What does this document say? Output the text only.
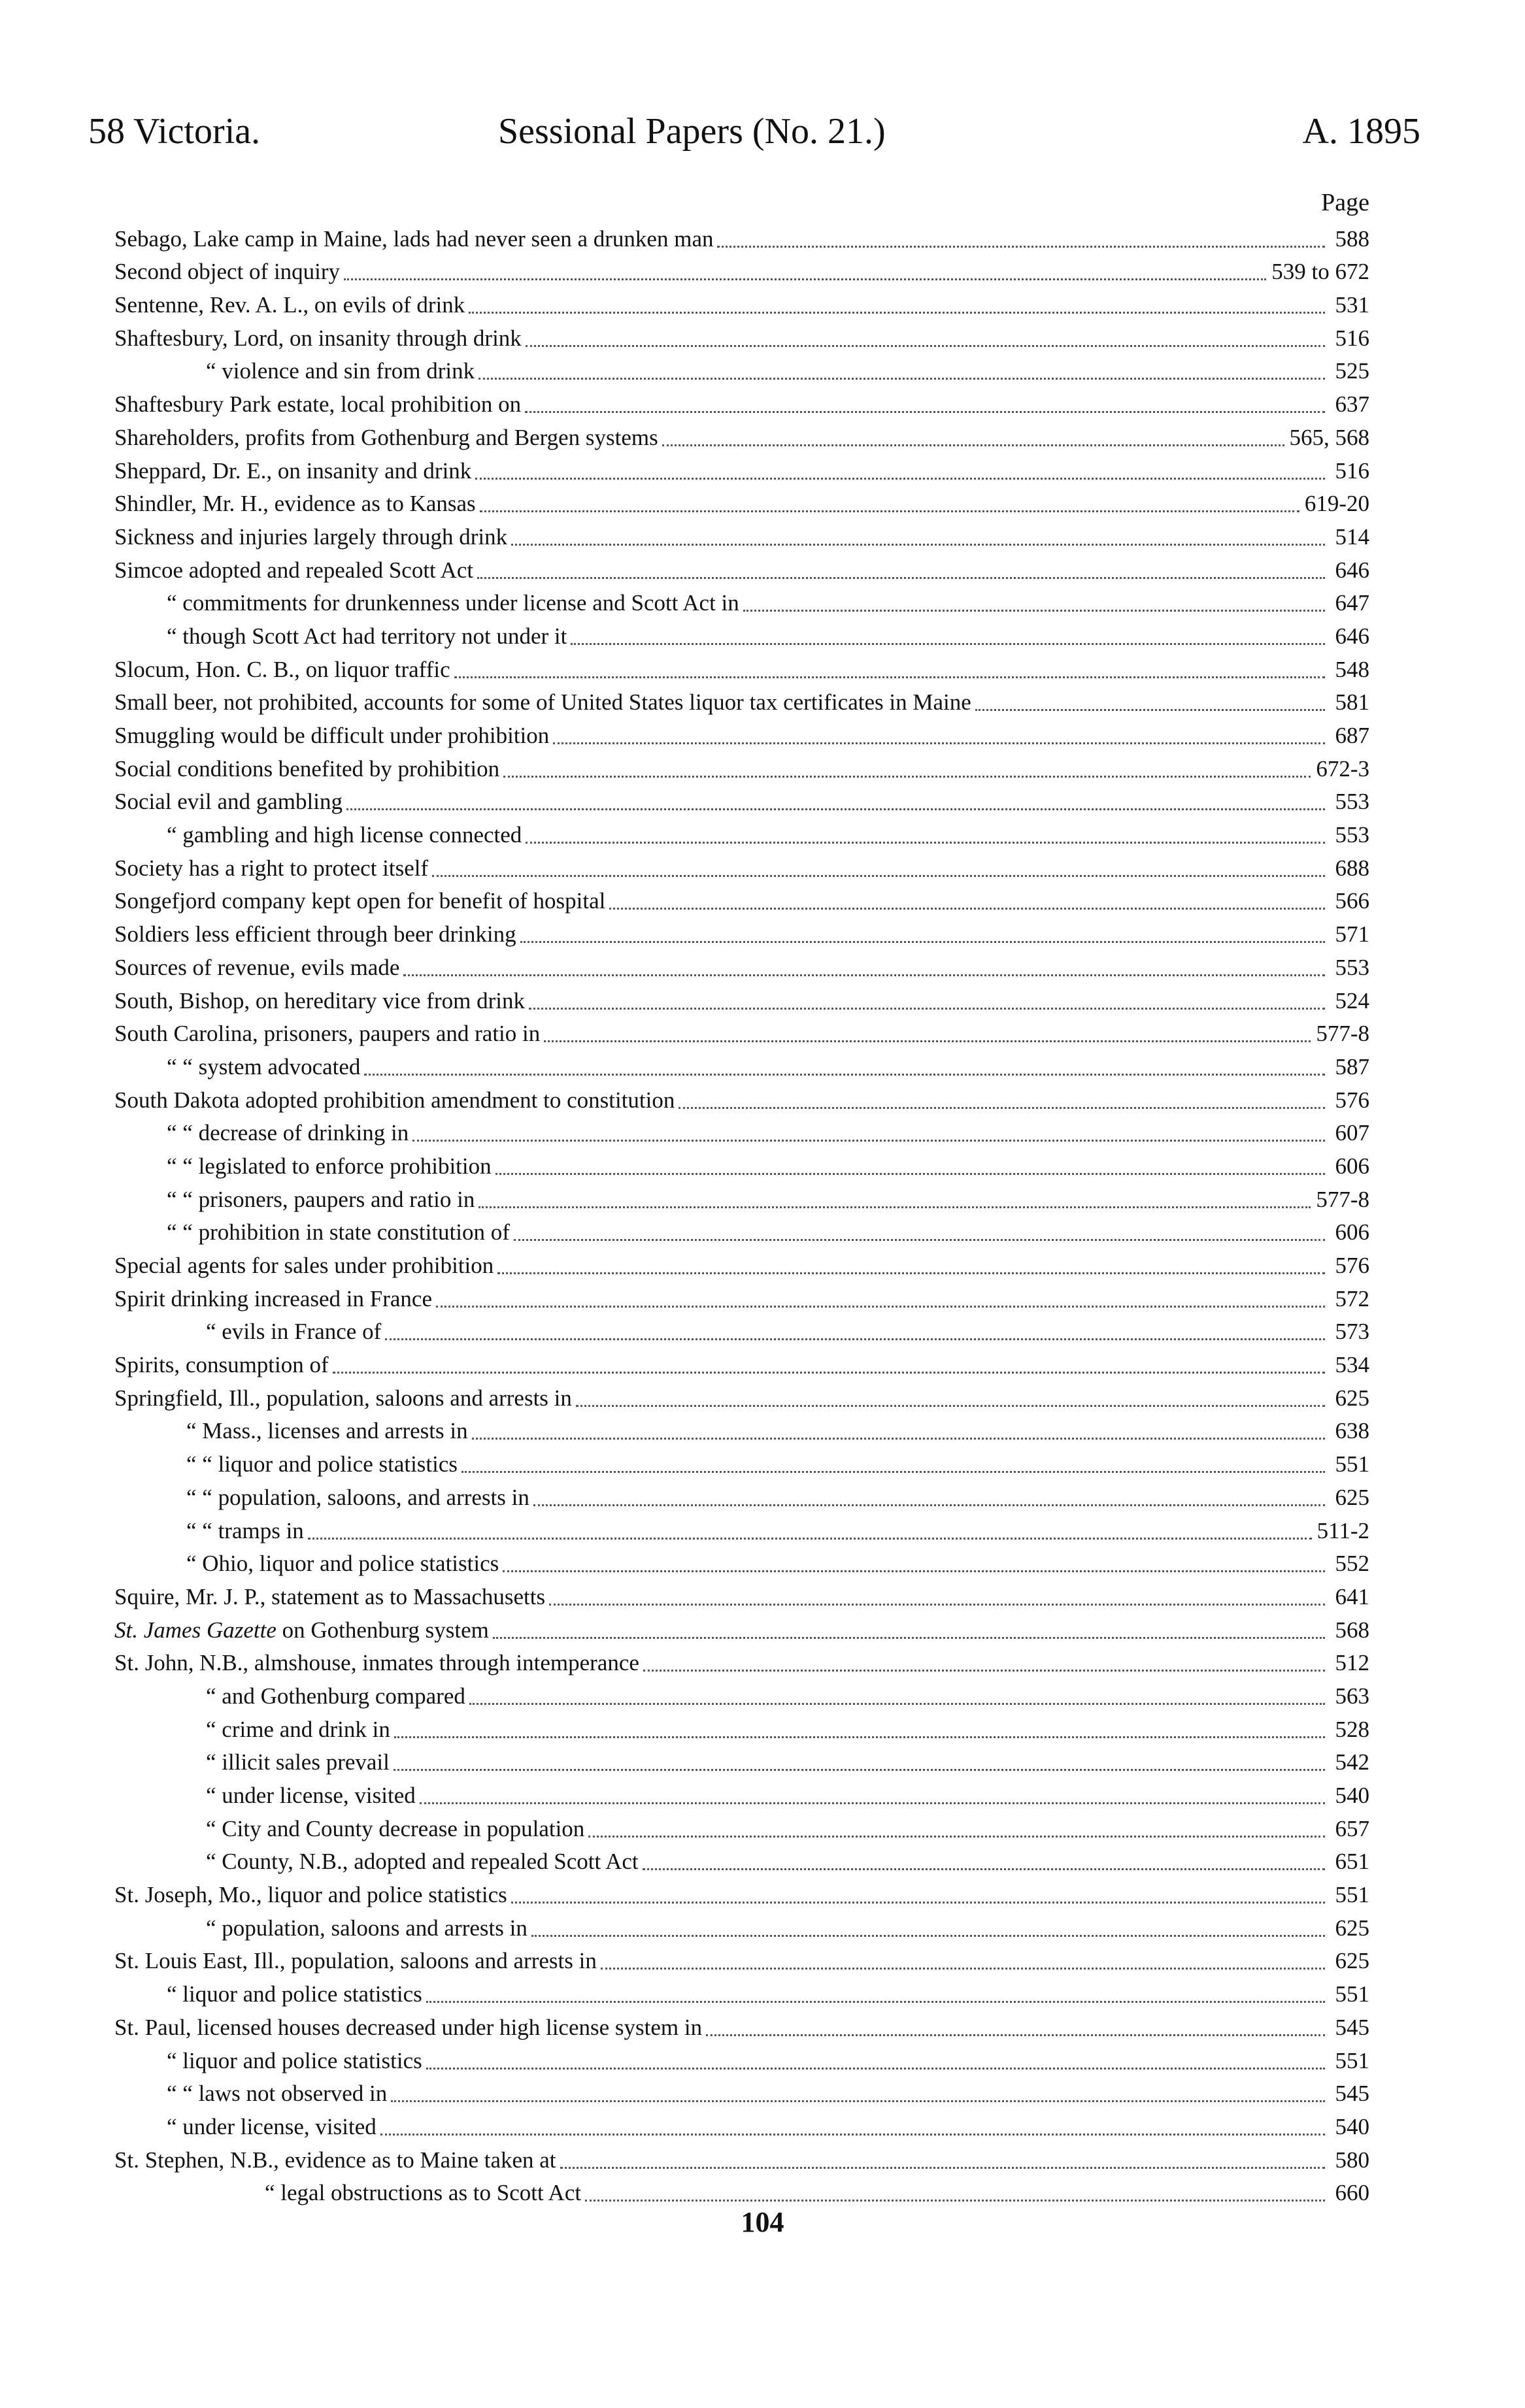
58 Victoria.	Sessional Papers (No. 21.)	A. 1895
Page
Sebago, Lake camp in Maine, lads had never seen a drunken man	588
Second object of inquiry	539 to 672
Sentenne, Rev. A. L., on evils of drink	531
Shaftesbury, Lord, on insanity through drink	516
“ violence and sin from drink	525
Shaftesbury Park estate, local prohibition on	637
Shareholders, profits from Gothenburg and Bergen systems	565, 568
Sheppard, Dr. E., on insanity and drink	516
Shindler, Mr. H., evidence as to Kansas	619-20
Sickness and injuries largely through drink	514
Simcoe adopted and repealed Scott Act	646
“ commitments for drunkenness under license and Scott Act in	647
“ though Scott Act had territory not under it	646
Slocum, Hon. C. B., on liquor traffic	548
Small beer, not prohibited, accounts for some of United States liquor tax certificates in Maine	581
Smuggling would be difficult under prohibition	687
Social conditions benefited by prohibition	672-3
Social evil and gambling	553
“ gambling and high license connected	553
Society has a right to protect itself	688
Songefjord company kept open for benefit of hospital	566
Soldiers less efficient through beer drinking	571
Sources of revenue, evils made	553
South, Bishop, on hereditary vice from drink	524
South Carolina, prisoners, paupers and ratio in	577-8
“ “ system advocated	587
South Dakota adopted prohibition amendment to constitution	576
“ “ decrease of drinking in	607
“ “ legislated to enforce prohibition	606
“ “ prisoners, paupers and ratio in	577-8
“ “ prohibition in state constitution of	606
Special agents for sales under prohibition	576
Spirit drinking increased in France	572
“ evils in France of	573
Spirits, consumption of	534
Springfield, Ill., population, saloons and arrests in	625
“ Mass., licenses and arrests in	638
“ “ liquor and police statistics	551
“ “ population, saloons, and arrests in	625
“ “ tramps in	511-2
“ Ohio, liquor and police statistics	552
Squire, Mr. J. P., statement as to Massachusetts	641
St. James Gazette on Gothenburg system	568
St. John, N.B., almshouse, inmates through intemperance	512
“ and Gothenburg compared	563
“ crime and drink in	528
“ illicit sales prevail	542
“ under license, visited	540
“ City and County decrease in population	657
“ County, N.B., adopted and repealed Scott Act	651
St. Joseph, Mo., liquor and police statistics	551
“ population, saloons and arrests in	625
St. Louis East, Ill., population, saloons and arrests in	625
“ liquor and police statistics	551
St. Paul, licensed houses decreased under high license system in	545
“ liquor and police statistics	551
“ “ laws not observed in	545
“ under license, visited	540
St. Stephen, N.B., evidence as to Maine taken at	580
“ legal obstructions as to Scott Act	660
104
